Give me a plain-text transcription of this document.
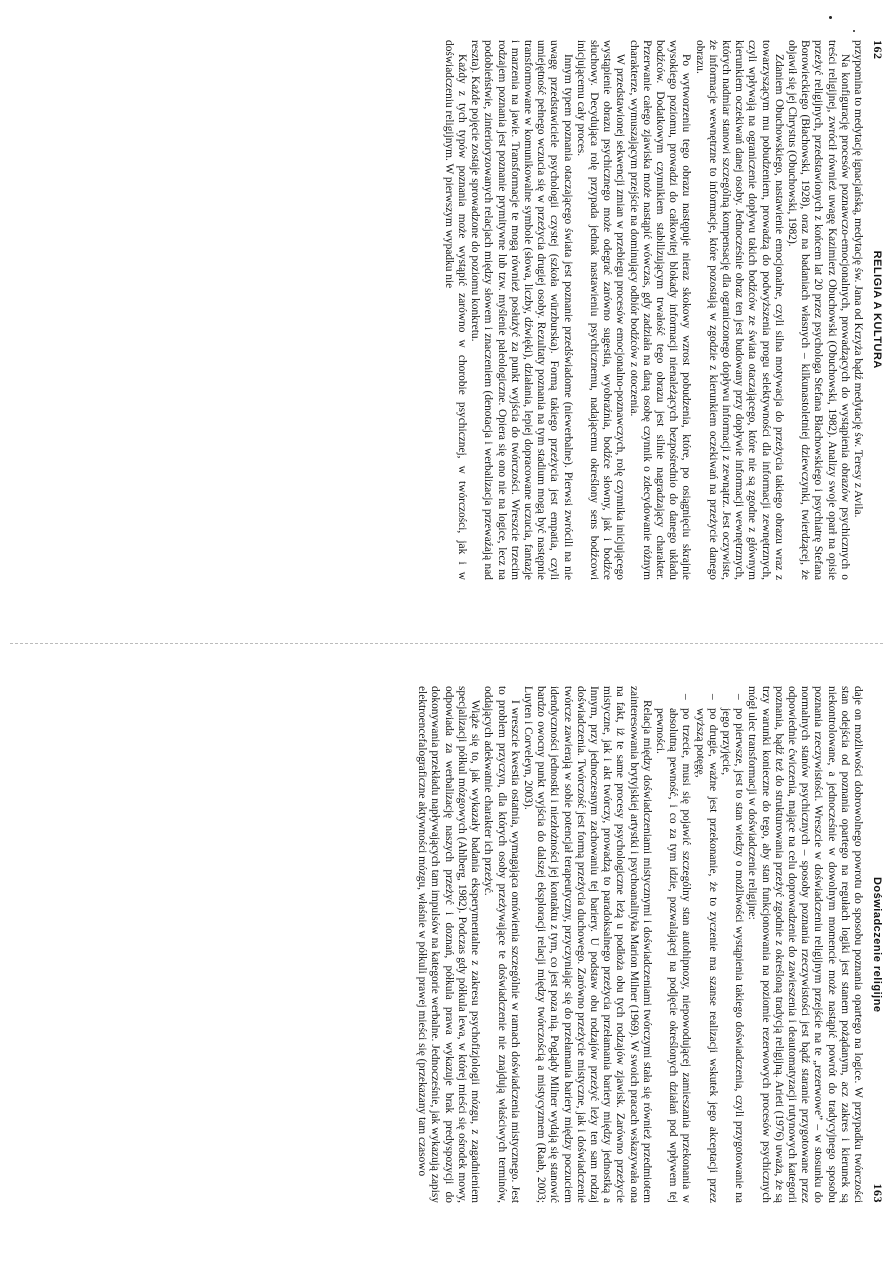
162
RELIGIA A KULTURA

przypomina to medytację ignacjańską, medytację św. Jana od Krzyża bądź medytację św. Teresy z Avila.

Na konfigurację procesów poznawczo-emocjonalnych, prowadzących do wystąpienia obrazów psychicznych o treści religijnej, zwrócił również uwagę Kazimierz Obuchowski (Obuchowski, 1982). Analizy swoje oparł na opisie przeżyć religijnych, przedstawionych z końcem lat 20 przez psychologa Stefana Błachowskiego i psychiatrę Stefana Borowieckiego (Błachowski, 1928), oraz na badaniach własnych – kilkunastoletniej dziewczynki, twierdzącej, że objawił się jej Chrystus (Obuchowski, 1982).

Zdaniem Obuchowskiego, nastawienie emocjonalne, czyli silna motywacja do przeżycia takiego obrazu wraz z towarzyszącym mu pobudzeniem, prowadzą do podwyższenia progu selektywności dla informacji zewnętrznych, czyli wpływają na ograniczenie dopływu takich bodźców ze świata otaczającego, które nie są zgodne z głównym kierunkiem oczekiwań danej osoby. Jednocześnie obraz ten jest budowany przy dopływie informacji wewnętrznych, których nadmiar stanowi szczególną kompensację dla ograniczonego dopływu informacji z zewnątrz. Jest oczywiste, że informacje wewnętrzne to informacje, które pozostają w zgodzie z kierunkiem oczekiwań na przeżycie danego obrazu.

Po wytworzeniu tego obrazu następuje nieraz skokowy wzrost pobudzenia, które, po osiągnięciu skrajnie wysokiego poziomu, prowadzi do całkowitej blokady informacji nienależących bezpośrednio do danego układu bodźców. Dodatkowym czynnikiem stabilizującym trwałość tego obrazu jest silnie nagradzający charakter. Przerwanie całego zjawiska może nastąpić wówczas, gdy zadziała na daną osobę czynnik o zdecydowanie różnym charakterze, wymuszającym przejście na dominujący odbiór bodźców z otoczenia.

W przedstawionej sekwencji zmian w przebiegu procesów emocjonalno-poznawczych, rolę czynnika inicjującego wystąpienie obrazu psychicznego może odegrać zarówno sugestia, wyobraźnia, bodźce słowny, jak i bodźce słuchowy. Decydująca rolę przypada jednak nastawieniu psychicznemu, nadającemu określony sens bodźcowi inicjującemu cały proces.

Innym typem poznania otaczającego świata jest poznanie przedświadome (niewerbalne). Pierwsi zwrócili na nie uwagę przedstawiciele psychologii czystej (szkoła würzburska). Formą takiego przeżycia jest empatia, czyli umiejętność pełnego wczucia się w przeżycia drugiej osoby. Rezultaty poznania na tym stadium mogą być następnie transformowane w komunikowalne symbole (słowa, liczby, dźwięki), działania, lepiej dopracowane uczucia, fantazje i marzenia na jawie. Transformacje te mogą również posłużyć za punkt wyjścia do twórczości. Wreszcie trzecim rodzajem poznania jest poznanie prymitywne lub tzw. myślenie paleologiczne. Opiera się ono nie na logice, lecz na podobieństwie, zinterioryzowanych relacjach między słowem i znaczeniem (denotacja i werbalizacja przewaźają nad reszta). Każde pojęcie zostaje sprowadzone do poziomu konkretu.

Każdy z tych typów poznania może wystąpić zarówno w chorobie psychicznej, w twórczości, jak i w doświadczeniu religijnym. W pierwszym wypadku nie

Doświadczenie religijne
163

daje on możliwości dobrowolnego powrotu do sposobu poznania opartego na logice. W przypadku twórczości stan odejścia od poznania opartego na regułach logiki jest stanem pożądanym, acz zakres i kierunek są niekontrolowane, a jednocześnie w dowolnym momencie może nastąpić powrót do tradycyjnego sposobu poznania rzeczywistości. Wreszcie w doświadczeniu religijnym przejście na te „rezerwowe” – w stosunku do normalnych stanów psychicznych – sposoby poznania rzeczywistości jest bądź staranie przygotowane przez odpowiednie ćwiczenia, mające na celu doprowadzenie do zawieszenia i deautomatyzacji rutynowych kategorii poznania, bądź też do strukturowania przeżyć zgodnie z określoną tradycją religijną. Arieti (1976) uważa, że są trzy warunki konieczne do tego, aby stan funkcjonowania na poziomie rezerwowych procesów psychicznych mógł ulec transformacji w doświadczenie religijne:

– po pierwsze, jest to stan wiedzy o możliwości wystąpienia takiego doświadczenia, czyli przygotowanie na jego przyjęcie,
– po drugie, ważne jest przekonanie, że to zyczenie ma szanse realizacji wskutek jego akceptacji przez wyższą potęgę,
– po trzecie, musi się pojawić szczególny stan autohipnozy, niepowodującej zamieszania przekonania w absolutną pewność, i co za tym idzie, pozwalającej na podjęcie określonych działań pod wpływem tej pewności.

Relacja między doświadczeniami mistycznymi i doświadczeniami twórczymi stała się również przedmiotem zainteresowania brytyjskiej artystki i psychoanalityka Marion Milner (1969). W swoich pracach wskazywała ona na fakt, iż te same procesy psychologiczne leżą u podłoża obu tych rodzajów zjawisk. Zarówno przeżycie mistyczne, jak i akt twórczy, prowadzą to paradoksalnego przeżycia przełamania bariery między jednostką a Innym, przy jednoczesnym zachowaniu tej bariery. U podstaw obu rodzajów przeżyć leży ten sam rodzaj doświadczenia. Twórczość jest formą przeżycia duchowego. Zarówno przeżycie mistyczne, jak i doświadczenie twórcze zawierają w sobie potencjał terapeutyczny, przyczyniając się do przełamania bariery między poczuciem idendyczności jednostki i niezłożności jej kontaktu z tym, co jest poza nią. Poglądy Milner wydają się stanowić bardzo owocny punkt wyjścia do dalszej eksploracji relacji między twórczością a mistycyzmem (Raab, 2003; Luyten i Corveleyn, 2003).

I wreszcie kwestia ostatnia, wymagająca omówienia szczególnie w ramach doświadczenia mistycznego. Jest to problem przyczyn, dla których osoby przeżywające te doświadczenie nie znajdują właściwych terminów, oddających adekwatnie charakter ich przeżyć.

Wiąże się to, jak wykazały badania eksperymentalne z zakresu psychofizjologii mózgu, z zagadnieniem specjalizacji półkul mózgowych (Ahlberg, 1982). Podczas gdy półkula lewa, w której mieści się ośrodek mowy, odpowiada za werbalizację naszych przeżyć i doznań, półkula prawa wykazuje brak predyspozycji do dokonywania przekładu napływających tam impulsów na kategorie werbalne. Jednocześnie, jak wykazują zapisy elektroencefalograficzne aktywności mózgu, właśnie w półkuli prawej mieści się (przekazany tam czasowo
